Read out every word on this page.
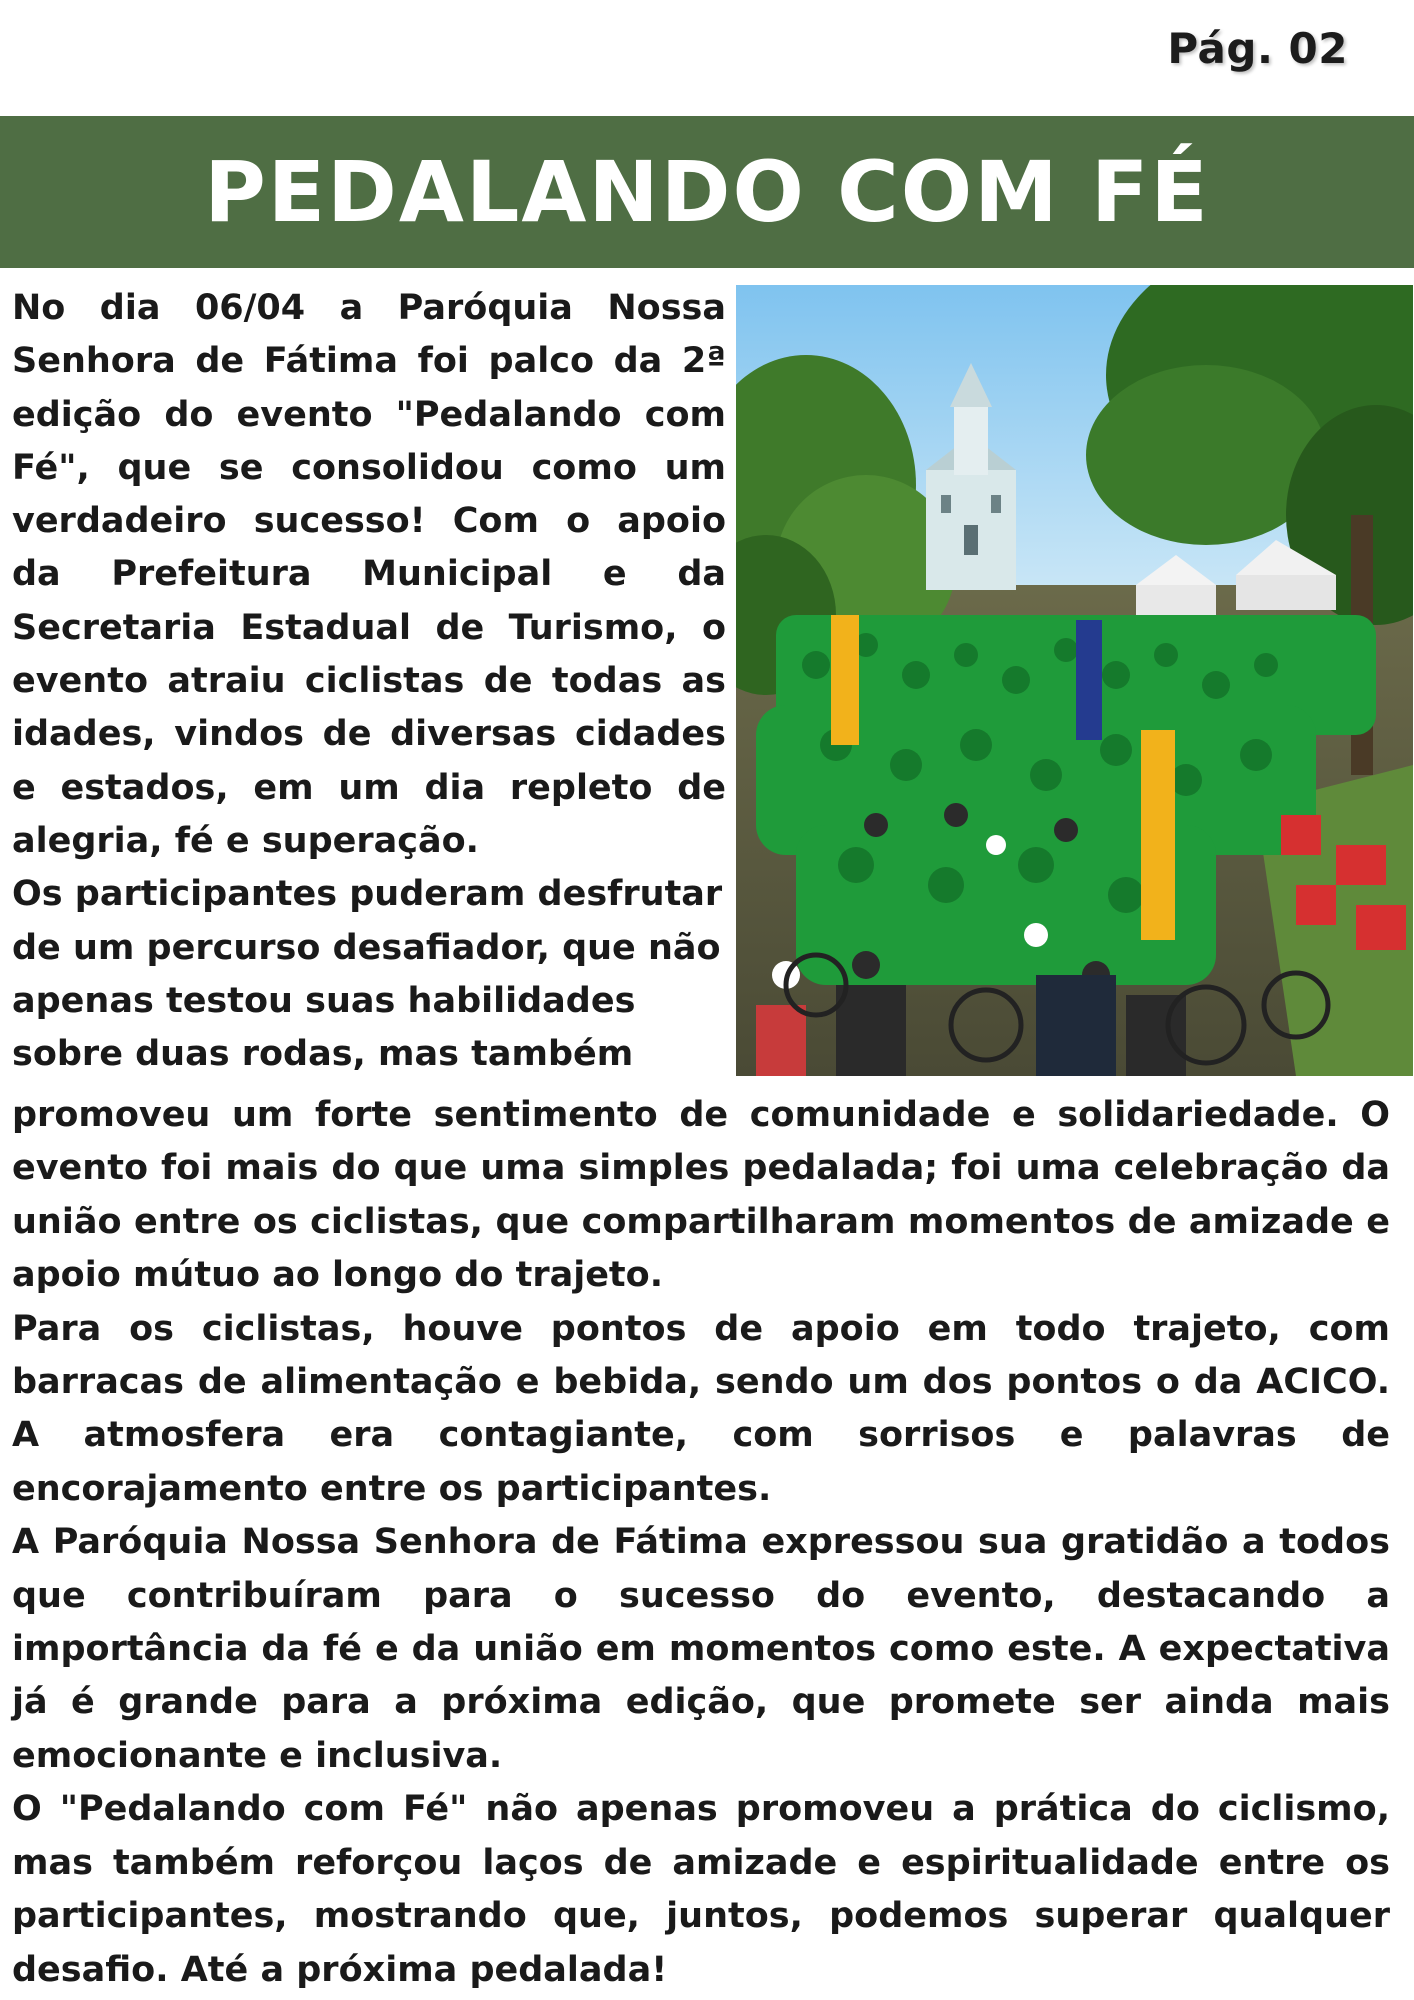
Pág. 02
PEDALANDO COM FÉ

No dia 06/04 a Paróquia Nossa Senhora de Fátima foi palco da 2ª edição do evento "Pedalando com Fé", que se consolidou como um verdadeiro sucesso! Com o apoio da Prefeitura Municipal e da Secretaria Estadual de Turismo, o evento atraiu ciclistas de todas as idades, vindos de diversas cidades e estados, em um dia repleto de alegria, fé e superação.

Os participantes puderam desfrutar de um percurso desafiador, que não apenas testou suas habilidades sobre duas rodas, mas também

promoveu um forte sentimento de comunidade e solidariedade. O evento foi mais do que uma simples pedalada; foi uma celebração da união entre os ciclistas, que compartilharam momentos de amizade e apoio mútuo ao longo do trajeto.

Para os ciclistas, houve pontos de apoio em todo trajeto, com barracas de alimentação e bebida, sendo um dos pontos o da ACICO. A atmosfera era contagiante, com sorrisos e palavras de encorajamento entre os participantes.

A Paróquia Nossa Senhora de Fátima expressou sua gratidão a todos que contribuíram para o sucesso do evento, destacando a importância da fé e da união em momentos como este. A expectativa já é grande para a próxima edição, que promete ser ainda mais emocionante e inclusiva.

O "Pedalando com Fé" não apenas promoveu a prática do ciclismo, mas também reforçou laços de amizade e espiritualidade entre os participantes, mostrando que, juntos, podemos superar qualquer desafio. Até a próxima pedalada!
